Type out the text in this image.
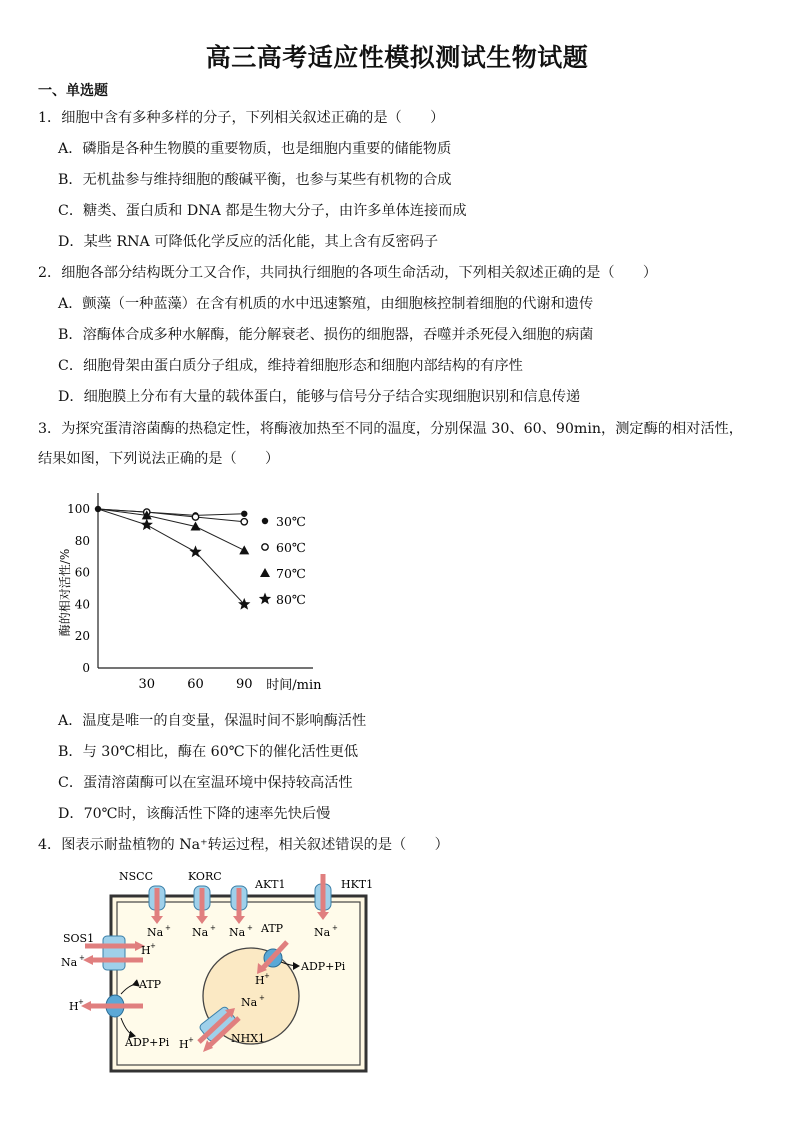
高三高考适应性模拟测试生物试题
一、单选题
1．细胞中含有多种多样的分子，下列相关叙述正确的是（　　）
A．磷脂是各种生物膜的重要物质，也是细胞内重要的储能物质
B．无机盐参与维持细胞的酸碱平衡，也参与某些有机物的合成
C．糖类、蛋白质和 DNA 都是生物大分子，由许多单体连接而成
D．某些 RNA 可降低化学反应的活化能，其上含有反密码子
2．细胞各部分结构既分工又合作，共同执行细胞的各项生命活动，下列相关叙述正确的是（　　）
A．颤藻（一种蓝藻）在含有机质的水中迅速繁殖，由细胞核控制着细胞的代谢和遗传
B．溶酶体合成多种水解酶，能分解衰老、损伤的细胞器，吞噬并杀死侵入细胞的病菌
C．细胞骨架由蛋白质分子组成，维持着细胞形态和细胞内部结构的有序性
D．细胞膜上分布有大量的载体蛋白，能够与信号分子结合实现细胞识别和信息传递
3．为探究蛋清溶菌酶的热稳定性，将酶液加热至不同的温度，分别保温 30、60、90min，测定酶的相对活性，结果如图，下列说法正确的是（　　）
0
20
40
60
80
100
30 60 90 时间/min
酶的相对活性/%
30℃
60℃
70℃
80℃
A．温度是唯一的自变量，保温时间不影响酶活性
B．与 30℃相比，酶在 60℃下的催化活性更低
C．蛋清溶菌酶可以在室温环境中保持较高活性
D．70℃时，该酶活性下降的速率先快后慢
4．图表示耐盐植物的 Na⁺转运过程，相关叙述错误的是（　　）
NSCC	KORC
AKT1	HKT1
Na + Na + Na +	Na +
SOS1
H +
Na +
H +
ATP
ADP+Pi
ATP
ADP+Pi
H +
Na +
H +	NHX1
